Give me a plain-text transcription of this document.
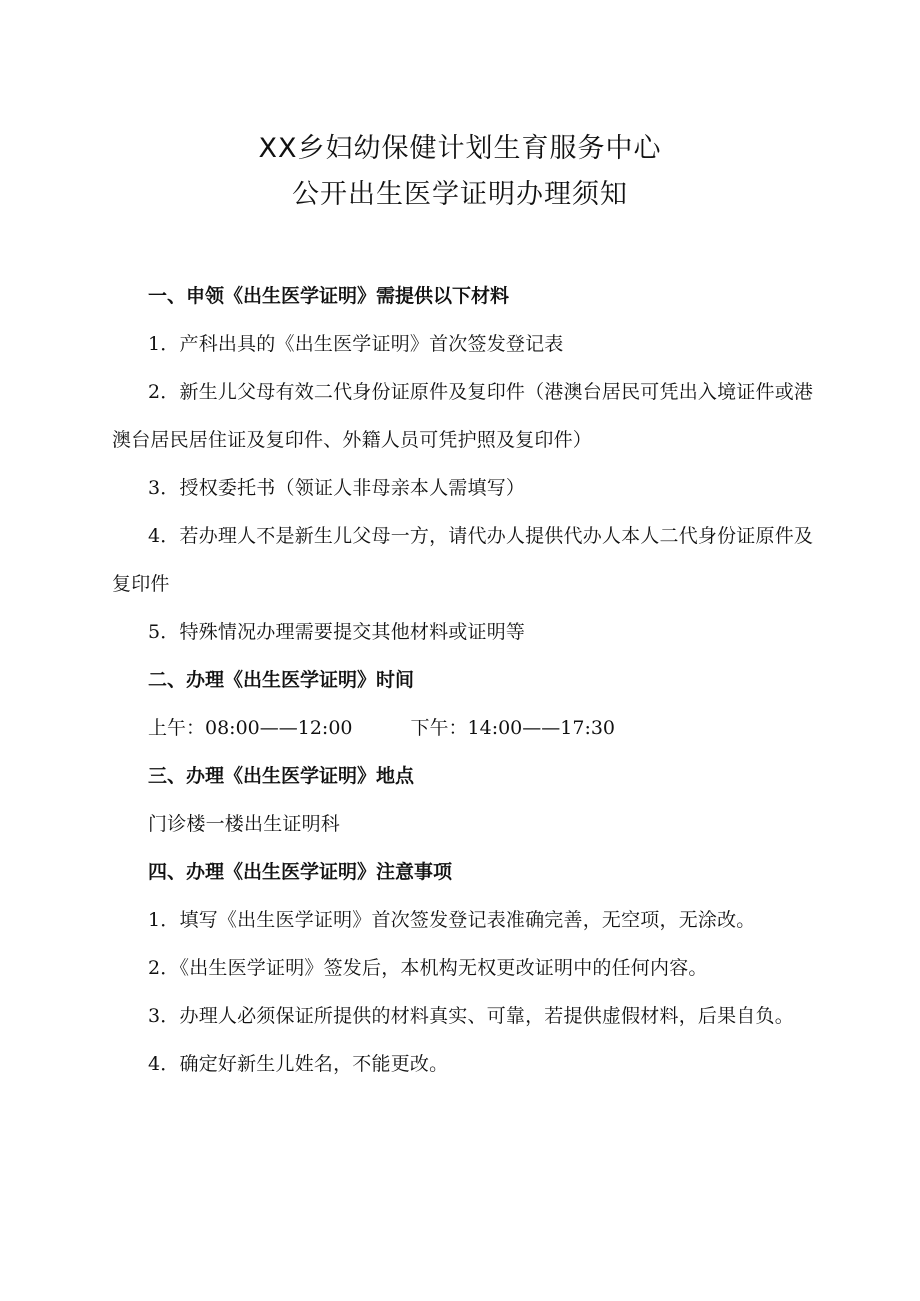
XX乡妇幼保健计划生育服务中心

公开出生医学证明办理须知

一、申领《出生医学证明》需提供以下材料

1．产科出具的《出生医学证明》首次签发登记表

2．新生儿父母有效二代身份证原件及复印件（港澳台居民可凭出入境证件或港澳台居民居住证及复印件、外籍人员可凭护照及复印件）

3．授权委托书（领证人非母亲本人需填写）

4．若办理人不是新生儿父母一方，请代办人提供代办人本人二代身份证原件及复印件

5．特殊情况办理需要提交其他材料或证明等

二、办理《出生医学证明》时间

上午：08:00——12:00	下午：14:00——17:30

三、办理《出生医学证明》地点

门诊楼一楼出生证明科

四、办理《出生医学证明》注意事项

1．填写《出生医学证明》首次签发登记表准确完善，无空项，无涂改。

2．《出生医学证明》签发后，本机构无权更改证明中的任何内容。

3．办理人必须保证所提供的材料真实、可靠，若提供虚假材料，后果自负。

4．确定好新生儿姓名，不能更改。
